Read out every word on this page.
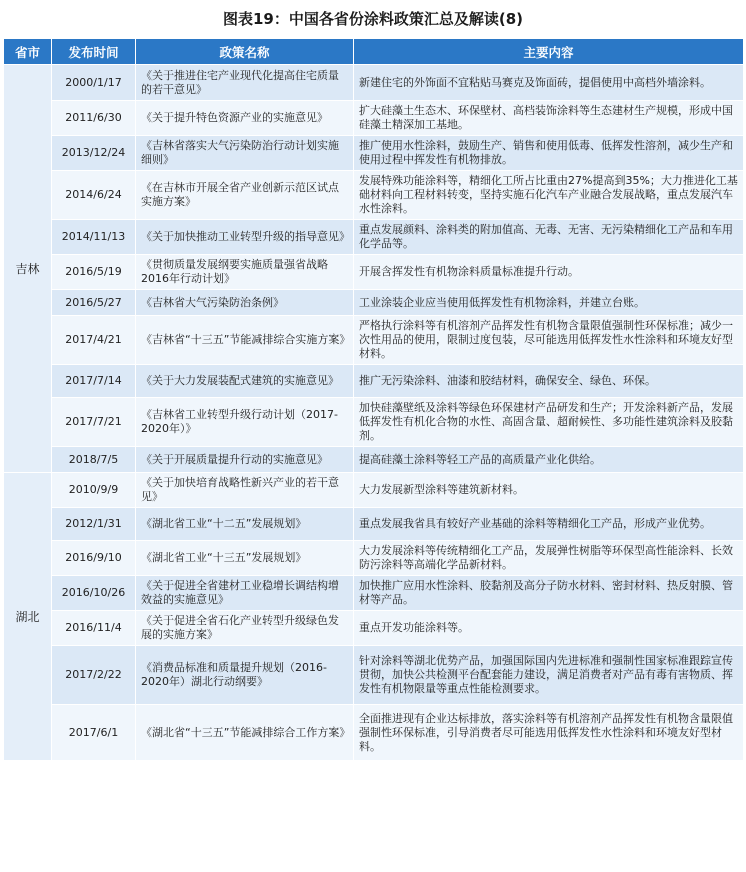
图表19：中国各省份涂料政策汇总及解读(8)
省市	发布时间	政策名称	主要内容
吉林	2000/1/17	《关于推进住宅产业现代化提高住宅质量的若干意见》	新建住宅的外饰面不宜粘贴马赛克及饰面砖，提倡使用中高档外墙涂料。
	2011/6/30	《关于提升特色资源产业的实施意见》	扩大硅藻土生态木、环保壁材、高档装饰涂料等生态建材生产规模，形成中国硅藻土精深加工基地。
	2013/12/24	《吉林省落实大气污染防治行动计划实施细则》	推广使用水性涂料，鼓励生产、销售和使用低毒、低挥发性溶剂，减少生产和使用过程中挥发性有机物排放。
	2014/6/24	《在吉林市开展全省产业创新示范区试点实施方案》	发展特殊功能涂料等，精细化工所占比重由27%提高到35%；大力推进化工基础材料向工程材料转变，坚持实施石化汽车产业融合发展战略，重点发展汽车水性涂料。
	2014/11/13	《关于加快推动工业转型升级的指导意见》	重点发展颜料、涂料类的附加值高、无毒、无害、无污染精细化工产品和车用化学品等。
	2016/5/19	《贯彻质量发展纲要实施质量强省战略2016年行动计划》	开展含挥发性有机物涂料质量标准提升行动。
	2016/5/27	《吉林省大气污染防治条例》	工业涂装企业应当使用低挥发性有机物涂料，并建立台账。
	2017/4/21	《吉林省“十三五”节能减排综合实施方案》	严格执行涂料等有机溶剂产品挥发性有机物含量限值强制性环保标准；减少一次性用品的使用，限制过度包装，尽可能选用低挥发性水性涂料和环境友好型材料。
	2017/7/14	《关于大力发展装配式建筑的实施意见》	推广无污染涂料、油漆和胶结材料，确保安全、绿色、环保。
	2017/7/21	《吉林省工业转型升级行动计划（2017-2020年）》	加快硅藻壁纸及涂料等绿色环保建材产品研发和生产；开发涂料新产品，发展低挥发性有机化合物的水性、高固含量、超耐候性、多功能性建筑涂料及胶黏剂。
	2018/7/5	《关于开展质量提升行动的实施意见》	提高硅藻土涂料等轻工产品的高质量产业化供给。
湖北	2010/9/9	《关于加快培育战略性新兴产业的若干意见》	大力发展新型涂料等建筑新材料。
	2012/1/31	《湖北省工业“十二五”发展规划》	重点发展我省具有较好产业基础的涂料等精细化工产品，形成产业优势。
	2016/9/10	《湖北省工业“十三五”发展规划》	大力发展涂料等传统精细化工产品，发展弹性树脂等环保型高性能涂料、长效防污涂料等高端化学品新材料。
	2016/10/26	《关于促进全省建材工业稳增长调结构增效益的实施意见》	加快推广应用水性涂料、胶黏剂及高分子防水材料、密封材料、热反射膜、管材等产品。
	2016/11/4	《关于促进全省石化产业转型升级绿色发展的实施方案》	重点开发功能涂料等。
	2017/2/22	《消费品标准和质量提升规划（2016-2020年）湖北行动纲要》	针对涂料等湖北优势产品，加强国际国内先进标准和强制性国家标准跟踪宣传贯彻，加快公共检测平台配套能力建设，满足消费者对产品有毒有害物质、挥发性有机物限量等重点性能检测要求。
	2017/6/1	《湖北省“十三五”节能减排综合工作方案》	全面推进现有企业达标排放，落实涂料等有机溶剂产品挥发性有机物含量限值强制性环保标准，引导消费者尽可能选用低挥发性水性涂料和环境友好型材料。
